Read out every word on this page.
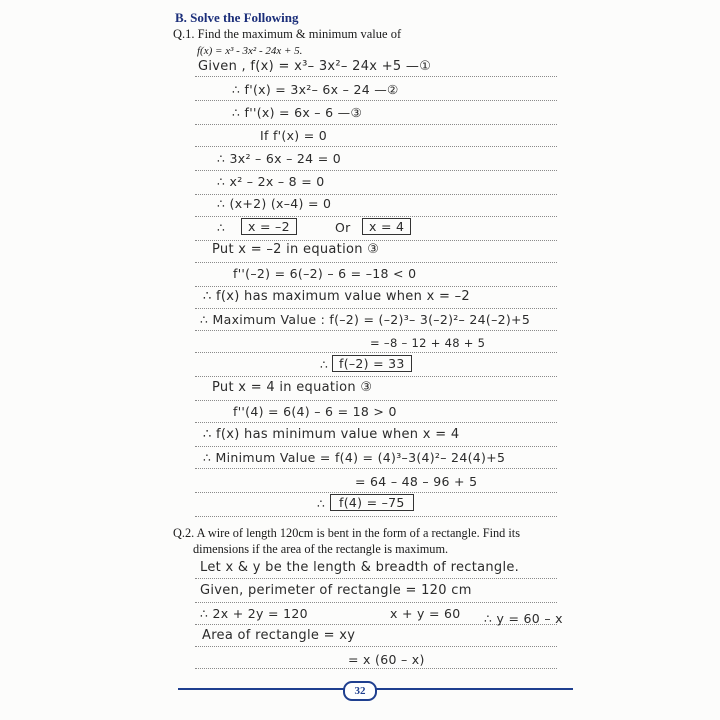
B. Solve the Following
Q.1. Find the maximum & minimum value of
f(x) = x³ - 3x² - 24x + 5.
Given , f(x) = x³– 3x²– 24x +5 —①
∴ f'(x) = 3x²– 6x – 24 —②
∴ f''(x) = 6x – 6 —③
If f'(x) = 0
∴ 3x² – 6x – 24 = 0
∴ x² – 2x – 8 = 0
∴ (x+2) (x–4) = 0
∴	x = –2	Or	x = 4
Put x = –2 in equation ③
f''(–2) = 6(–2) – 6 = –18 < 0
∴ f(x) has maximum value when x = –2
∴ Maximum Value : f(–2) = (–2)³– 3(–2)²– 24(–2)+5
= –8 – 12 + 48 + 5
∴ f(–2) = 33
Put x = 4 in equation ③
f''(4) = 6(4) – 6 = 18 > 0
∴ f(x) has minimum value when x = 4
∴ Minimum Value = f(4) = (4)³–3(4)²– 24(4)+5
= 64 – 48 – 96 + 5
∴	f(4) = –75
Q.2. A wire of length 120cm is bent in the form of a rectangle. Find its
dimensions if the area of the rectangle is maximum.
Let x & y be the length & breadth of rectangle.
Given, perimeter of rectangle = 120 cm
∴ 2x + 2y = 120	x + y = 60 ∴ y = 60 – x
Area of rectangle = xy
= x (60 – x)
32
